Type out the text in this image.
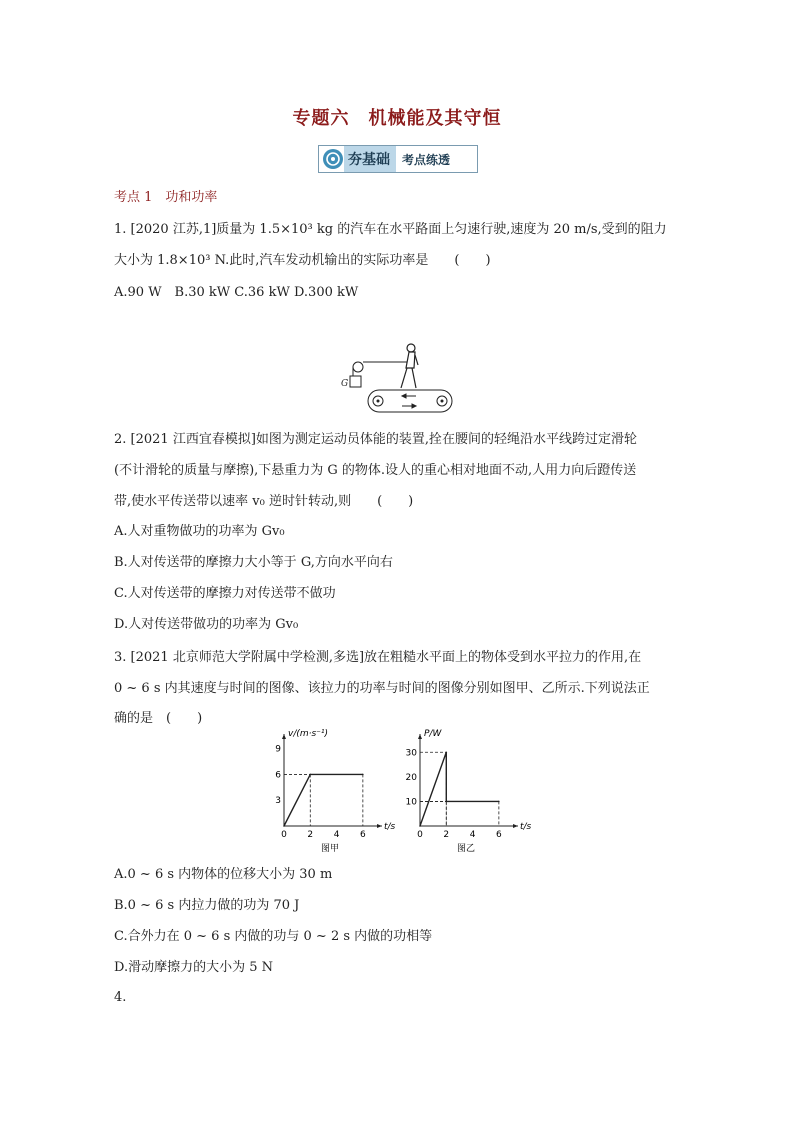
专题六　机械能及其守恒
夯基础	考点练透
考点 1　功和功率
1. [2020 江苏,1]质量为 1.5×10³ kg 的汽车在水平路面上匀速行驶,速度为 20 m/s,受到的阻力
大小为 1.8×10³ N.此时,汽车发动机输出的实际功率是　　(　　)
A.90 W　B.30 kW C.36 kW D.300 kW
G
2. [2021 江西宜春模拟]如图为测定运动员体能的装置,拴在腰间的轻绳沿水平线跨过定滑轮
(不计滑轮的质量与摩擦),下悬重力为 G 的物体.设人的重心相对地面不动,人用力向后蹬传送
带,使水平传送带以速率 v₀ 逆时针转动,则　　(　　)
A.人对重物做功的功率为 Gv₀
B.人对传送带的摩擦力大小等于 G,方向水平向右
C.人对传送带的摩擦力对传送带不做功
D.人对传送带做功的功率为 Gv₀
3. [2021 北京师范大学附属中学检测,多选]放在粗糙水平面上的物体受到水平拉力的作用,在
0 ~ 6 s 内其速度与时间的图像、该拉力的功率与时间的图像分别如图甲、乙所示.下列说法正
确的是　(　　)
t/s
v/(m·s⁻¹)
0 2 4 6
3
6
9
图甲
t/s
P/W
0 2 4 6
10
20
30
图乙
A.0 ~ 6 s 内物体的位移大小为 30 m
B.0 ~ 6 s 内拉力做的功为 70 J
C.合外力在 0 ~ 6 s 内做的功与 0 ~ 2 s 内做的功相等
D.滑动摩擦力的大小为 5 N
4.
